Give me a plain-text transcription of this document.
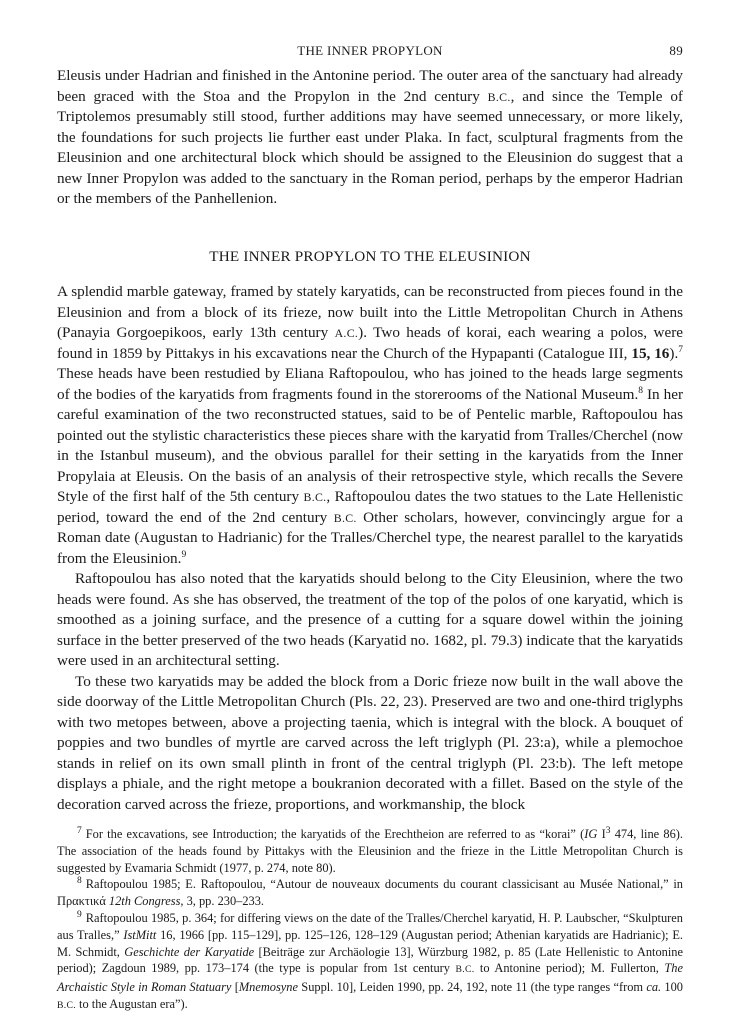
THE INNER PROPYLON	89

Eleusis under Hadrian and finished in the Antonine period. The outer area of the sanctuary had already been graced with the Stoa and the Propylon in the 2nd century B.C., and since the Temple of Triptolemos presumably still stood, further additions may have seemed unnecessary, or more likely, the foundations for such projects lie further east under Plaka. In fact, sculptural fragments from the Eleusinion and one architectural block which should be assigned to the Eleusinion do suggest that a new Inner Propylon was added to the sanctuary in the Roman period, perhaps by the emperor Hadrian or the members of the Panhellenion.

THE INNER PROPYLON TO THE ELEUSINION

A splendid marble gateway, framed by stately karyatids, can be reconstructed from pieces found in the Eleusinion and from a block of its frieze, now built into the Little Metropolitan Church in Athens (Panayia Gorgoepikoos, early 13th century A.C.). Two heads of korai, each wearing a polos, were found in 1859 by Pittakys in his excavations near the Church of the Hypapanti (Catalogue III, 15, 16).$^7$ These heads have been restudied by Eliana Raftopoulou, who has joined to the heads large segments of the bodies of the karyatids from fragments found in the storerooms of the National Museum.$^8$ In her careful examination of the two reconstructed statues, said to be of Pentelic marble, Raftopoulou has pointed out the stylistic characteristics these pieces share with the karyatid from Tralles/Cherchel (now in the Istanbul museum), and the obvious parallel for their setting in the karyatids from the Inner Propylaia at Eleusis. On the basis of an analysis of their retrospective style, which recalls the Severe Style of the first half of the 5th century B.C., Raftopoulou dates the two statues to the Late Hellenistic period, toward the end of the 2nd century B.C. Other scholars, however, convincingly argue for a Roman date (Augustan to Hadrianic) for the Tralles/Cherchel type, the nearest parallel to the karyatids from the Eleusinion.$^9$

Raftopoulou has also noted that the karyatids should belong to the City Eleusinion, where the two heads were found. As she has observed, the treatment of the top of the polos of one karyatid, which is smoothed as a joining surface, and the presence of a cutting for a square dowel within the joining surface in the better preserved of the two heads (Karyatid no. 1682, pl. 79.3) indicate that the karyatids were used in an architectural setting.

To these two karyatids may be added the block from a Doric frieze now built in the wall above the side doorway of the Little Metropolitan Church (Pls. 22, 23). Preserved are two and one-third triglyphs with two metopes between, above a projecting taenia, which is integral with the block. A bouquet of poppies and two bundles of myrtle are carved across the left triglyph (Pl. 23:a), while a plemochoe stands in relief on its own small plinth in front of the central triglyph (Pl. 23:b). The left metope displays a phiale, and the right metope a boukranion decorated with a fillet. Based on the style of the decoration carved across the frieze, proportions, and workmanship, the block

$^7$ For the excavations, see Introduction; the karyatids of the Erechtheion are referred to as “korai” (IG $I^3$ 474, line 86). The association of the heads found by Pittakys with the Eleusinion and the frieze in the Little Metropolitan Church is suggested by Evamaria Schmidt (1977, p. 274, note 80).

$^8$ Raftopoulou 1985; E. Raftopoulou, “Autour de nouveaux documents du courant classicisant au Musée National,” in Πρακτικά 12th Congress, 3, pp. 230–233.

$^9$ Raftopoulou 1985, p. 364; for differing views on the date of the Tralles/Cherchel karyatid, H. P. Laubscher, “Skulpturen aus Tralles,” IstMitt 16, 1966 [pp. 115–129], pp. 125–126, 128–129 (Augustan period; Athenian karyatids are Hadrianic); E. M. Schmidt, Geschichte der Karyatide [Beiträge zur Archäologie 13], Würzburg 1982, p. 85 (Late Hellenistic to Antonine period); Zagdoun 1989, pp. 173–174 (the type is popular from 1st century B.C. to Antonine period); M. Fullerton, The Archaistic Style in Roman Statuary [Mnemosyne Suppl. 10], Leiden 1990, pp. 24, 192, note 11 (the type ranges “from ca. 100 B.C. to the Augustan era”).
